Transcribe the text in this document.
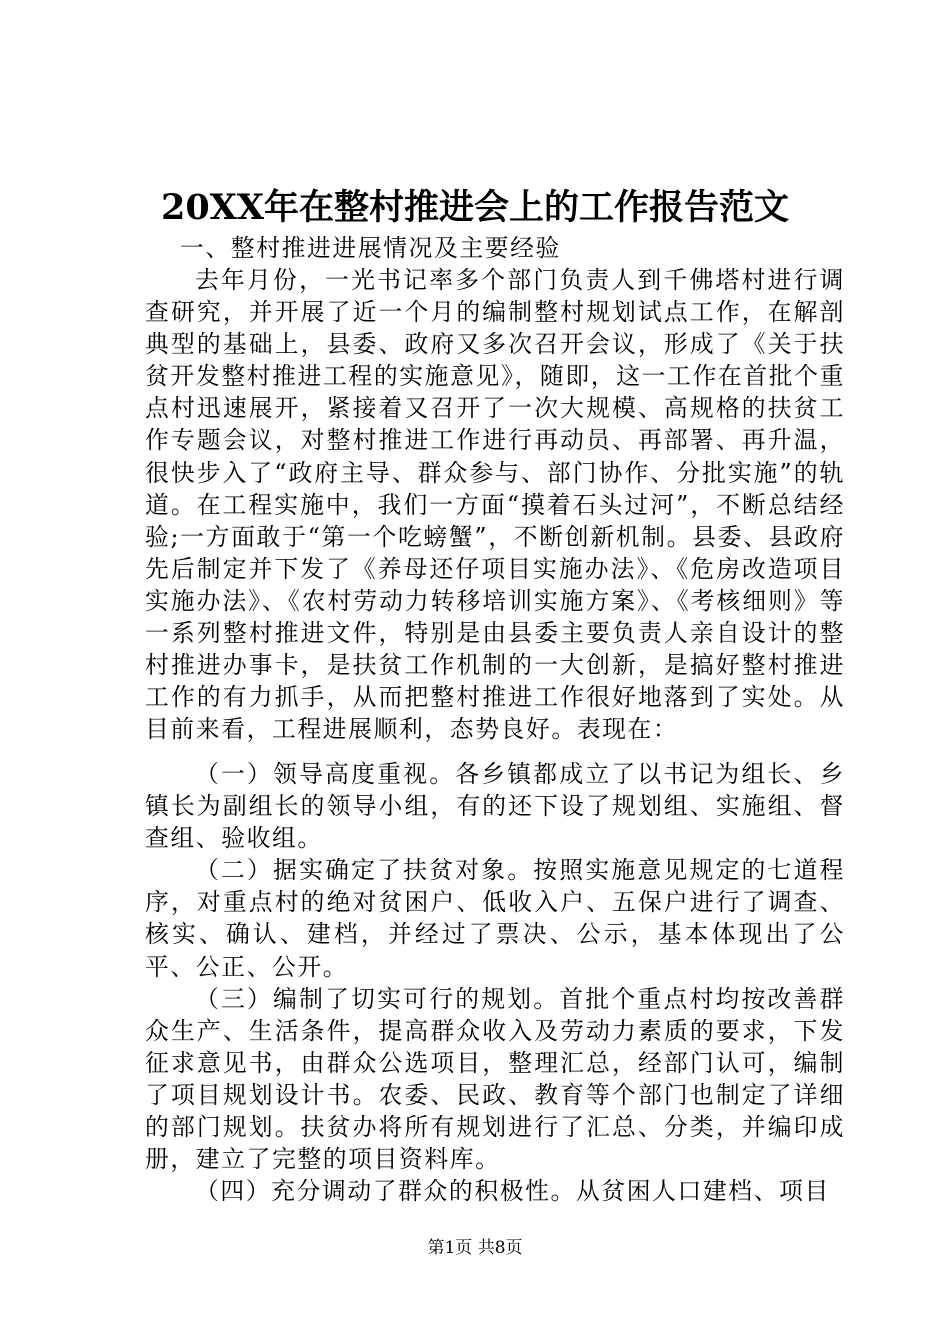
20XX年在整村推进会上的工作报告范文
一、整村推进进展情况及主要经验

去年月份，一光书记率多个部门负责人到千佛塔村进行调查研究，并开展了近一个月的编制整村规划试点工作，在解剖典型的基础上，县委、政府又多次召开会议，形成了《关于扶贫开发整村推进工程的实施意见》，随即，这一工作在首批个重点村迅速展开，紧接着又召开了一次大规模、高规格的扶贫工作专题会议，对整村推进工作进行再动员、再部署、再升温，很快步入了“政府主导、群众参与、部门协作、分批实施”的轨道。在工程实施中，我们一方面“摸着石头过河”，不断总结经验;一方面敢于“第一个吃螃蟹”，不断创新机制。县委、县政府先后制定并下发了《养母还仔项目实施办法》、《危房改造项目实施办法》、《农村劳动力转移培训实施方案》、《考核细则》等一系列整村推进文件，特别是由县委主要负责人亲自设计的整村推进办事卡，是扶贫工作机制的一大创新，是搞好整村推进工作的有力抓手，从而把整村推进工作很好地落到了实处。从目前来看，工程进展顺利，态势良好。表现在：

（一）领导高度重视。各乡镇都成立了以书记为组长、乡镇长为副组长的领导小组，有的还下设了规划组、实施组、督查组、验收组。

（二）据实确定了扶贫对象。按照实施意见规定的七道程序，对重点村的绝对贫困户、低收入户、五保户进行了调查、核实、确认、建档，并经过了票决、公示，基本体现出了公平、公正、公开。

（三）编制了切实可行的规划。首批个重点村均按改善群众生产、生活条件，提高群众收入及劳动力素质的要求，下发征求意见书，由群众公选项目，整理汇总，经部门认可，编制了项目规划设计书。农委、民政、教育等个部门也制定了详细的部门规划。扶贫办将所有规划进行了汇总、分类，并编印成册，建立了完整的项目资料库。

（四）充分调动了群众的积极性。从贫困人口建档、项目

第1页 共8页
